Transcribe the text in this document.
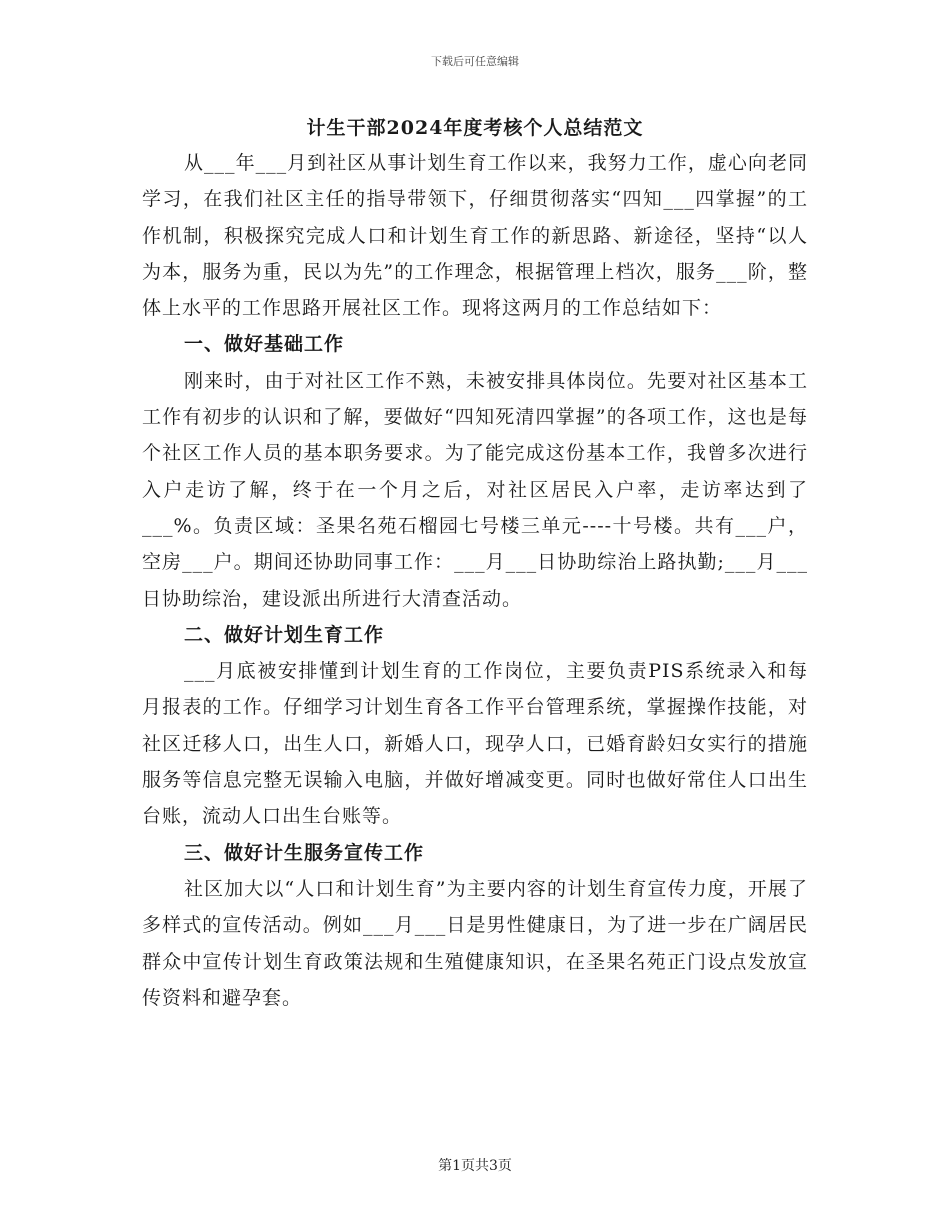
下载后可任意编辑
计生干部2024年度考核个人总结范文

从___年___月到社区从事计划生育工作以来，我努力工作，虚心向老同学习，在我们社区主任的指导带领下，仔细贯彻落实“四知___四掌握”的工作机制，积极探究完成人口和计划生育工作的新思路、新途径，坚持“以人为本，服务为重，民以为先”的工作理念，根据管理上档次，服务___阶，整体上水平的工作思路开展社区工作。现将这两月的工作总结如下：

一、做好基础工作

刚来时，由于对社区工作不熟，未被安排具体岗位。先要对社区基本工工作有初步的认识和了解，要做好“四知死清四掌握”的各项工作，这也是每个社区工作人员的基本职务要求。为了能完成这份基本工作，我曾多次进行入户走访了解，终于在一个月之后，对社区居民入户率，走访率达到了___%。负责区域：圣果名苑石榴园七号楼三单元----十号楼。共有___户，空房___户。期间还协助同事工作：___月___日协助综治上路执勤;___月___日协助综治，建设派出所进行大清查活动。

二、做好计划生育工作

___月底被安排懂到计划生育的工作岗位，主要负责PIS系统录入和每月报表的工作。仔细学习计划生育各工作平台管理系统，掌握操作技能，对社区迁移人口，出生人口，新婚人口，现孕人口，已婚育龄妇女实行的措施服务等信息完整无误输入电脑，并做好增减变更。同时也做好常住人口出生台账，流动人口出生台账等。

三、做好计生服务宣传工作

社区加大以“人口和计划生育”为主要内容的计划生育宣传力度，开展了多样式的宣传活动。例如___月___日是男性健康日，为了进一步在广阔居民群众中宣传计划生育政策法规和生殖健康知识，在圣果名苑正门设点发放宣传资料和避孕套。

第1页共3页
